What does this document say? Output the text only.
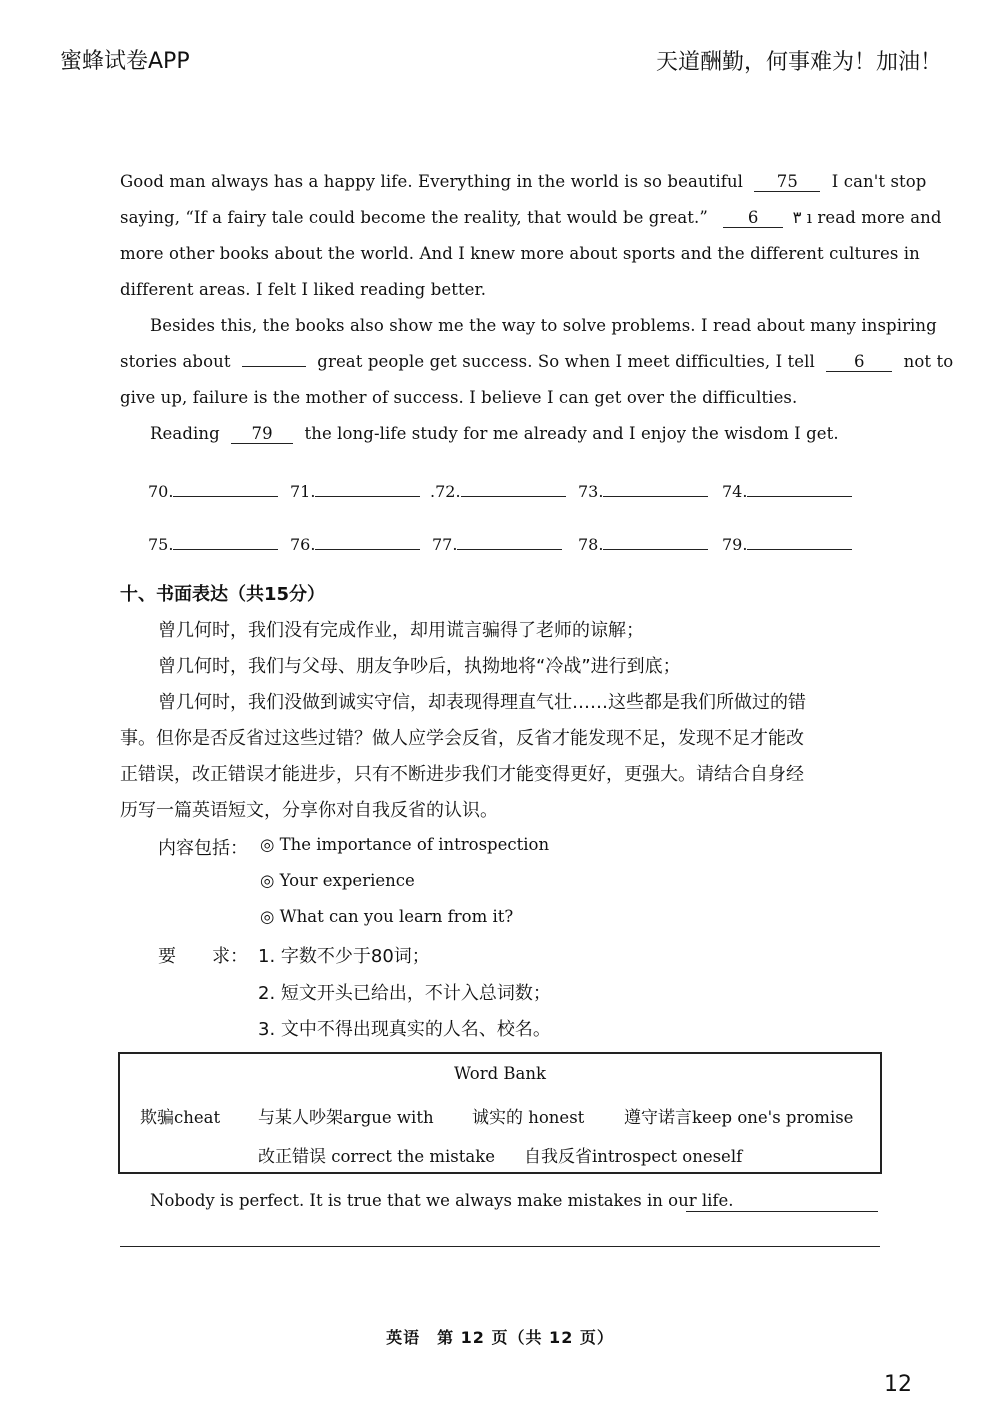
蜜蜂试卷APP	天道酬勤，何事难为！加油！
Good man always has a happy life. Everything in the world is so beautiful 75 I can't stop
saying, “If a fairy tale could become the reality, that would be great.” 6 ٣ ı read more and
more other books about the world. And I knew more about sports and the different cultures in
different areas. I felt I liked reading better.
Besides this, the books also show me the way to solve problems. I read about many inspiring
stories about	great people get success. So when I meet difficulties, I tell 6 not to
give up, failure is the mother of success. I believe I can get over the difficulties.
Reading 79 the long-life study for me already and I enjoy the wisdom I get.
70.	71.	.72.	73.	74.
75.	76.	77.	78.	79.
十、书面表达（共15分）
曾几何时，我们没有完成作业，却用谎言骗得了老师的谅解；
曾几何时，我们与父母、朋友争吵后，执拗地将“冷战”进行到底；
曾几何时，我们没做到诚实守信，却表现得理直气壮……这些都是我们所做过的错
事。但你是否反省过这些过错？做人应学会反省，反省才能发现不足，发现不足才能改
正错误，改正错误才能进步，只有不断进步我们才能变得更好，更强大。请结合自身经
历写一篇英语短文，分享你对自我反省的认识。
内容包括： ◎ The importance of introspection
◎ Your experience
◎ What can you learn from it?
要　　求： 1. 字数不少于80词；
2. 短文开头已给出，不计入总词数；
3. 文中不得出现真实的人名、校名。
Word Bank
欺骗cheat 与某人吵架argue with 诚实的 honest 遵守诺言keep one's promise
改正错误 correct the mistake 自我反省introspect oneself
Nobody is perfect. It is true that we always make mistakes in our life.
英语　第 12 页（共 12 页）
12
